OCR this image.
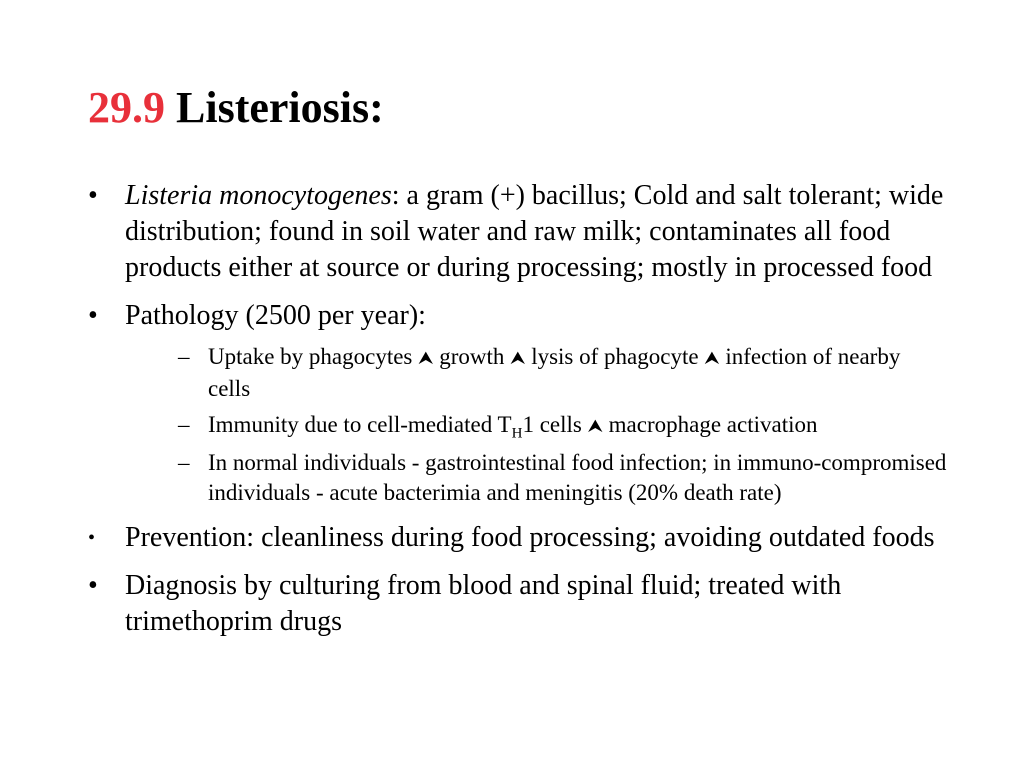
29.9 Listeriosis:
• Listeria monocytogenes: a gram (+) bacillus; Cold and salt tolerant; wide distribution; found in soil water and raw milk; contaminates all food products either at source or during processing; mostly in processed food
• Pathology (2500 per year):
– Uptake by phagocytes ⮝ growth ⮝ lysis of phagocyte ⮝ infection of nearby cells
– Immunity due to cell-mediated $T_H1$ cells ⮝ macrophage activation
– In normal individuals - gastrointestinal food infection; in immuno-compromised individuals - acute bacterimia and meningitis (20% death rate)
•	Prevention: cleanliness during food processing; avoiding outdated foods
• Diagnosis by culturing from blood and spinal fluid; treated with trimethoprim drugs
